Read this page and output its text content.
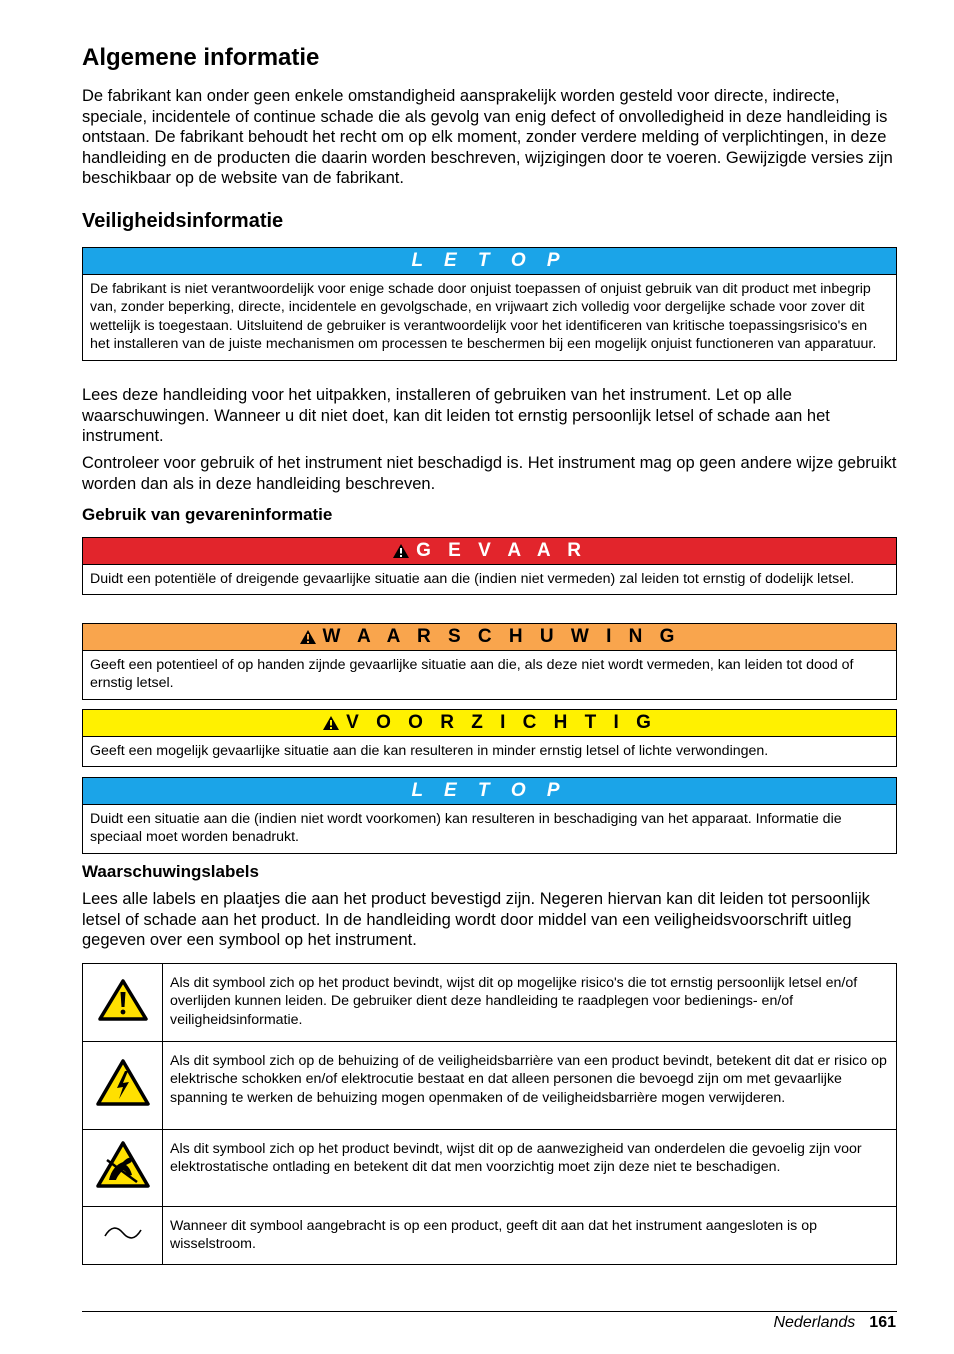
Algemene informatie

De fabrikant kan onder geen enkele omstandigheid aansprakelijk worden gesteld voor directe, indirecte, speciale, incidentele of continue schade die als gevolg van enig defect of onvolledigheid in deze handleiding is ontstaan. De fabrikant behoudt het recht om op elk moment, zonder verdere melding of verplichtingen, in deze handleiding en de producten die daarin worden beschreven, wijzigingen door te voeren. Gewijzigde versies zijn beschikbaar op de website van de fabrikant.

Veiligheidsinformatie
L E T O P
De fabrikant is niet verantwoordelijk voor enige schade door onjuist toepassen of onjuist gebruik van dit product met inbegrip van, zonder beperking, directe, incidentele en gevolgschade, en vrijwaart zich volledig voor dergelijke schade voor zover dit wettelijk is toegestaan. Uitsluitend de gebruiker is verantwoordelijk voor het identificeren van kritische toepassingsrisico's en het installeren van de juiste mechanismen om processen te beschermen bij een mogelijk onjuist functioneren van apparatuur.

Lees deze handleiding voor het uitpakken, installeren of gebruiken van het instrument. Let op alle waarschuwingen. Wanneer u dit niet doet, kan dit leiden tot ernstig persoonlijk letsel of schade aan het instrument.

Controleer voor gebruik of het instrument niet beschadigd is. Het instrument mag op geen andere wijze gebruikt worden dan als in deze handleiding beschreven.

Gebruik van gevareninformatie
G E V A A R
Duidt een potentiële of dreigende gevaarlijke situatie aan die (indien niet vermeden) zal leiden tot ernstig of dodelijk letsel.
W A A R S C H U W I N G
Geeft een potentieel of op handen zijnde gevaarlijke situatie aan die, als deze niet wordt vermeden, kan leiden tot dood of ernstig letsel.
V O O R Z I C H T I G
Geeft een mogelijk gevaarlijke situatie aan die kan resulteren in minder ernstig letsel of lichte verwondingen.
L E T O P
Duidt een situatie aan die (indien niet wordt voorkomen) kan resulteren in beschadiging van het apparaat. Informatie die speciaal moet worden benadrukt.
Waarschuwingslabels

Lees alle labels en plaatjes die aan het product bevestigd zijn. Negeren hiervan kan dit leiden tot persoonlijk letsel of schade aan het product. In de handleiding wordt door middel van een veiligheidsvoorschrift uitleg gegeven over een symbool op het instrument.

	Als dit symbool zich op het product bevindt, wijst dit op mogelijke risico's die tot ernstig persoonlijk letsel en/of overlijden kunnen leiden. De gebruiker dient deze handleiding te raadplegen voor bedienings- en/of veiligheidsinformatie.
	Als dit symbool zich op de behuizing of de veiligheidsbarrière van een product bevindt, betekent dit dat er risico op elektrische schokken en/of elektrocutie bestaat en dat alleen personen die bevoegd zijn om met gevaarlijke spanning te werken de behuizing mogen openmaken of de veiligheidsbarrière mogen verwijderen.
	Als dit symbool zich op het product bevindt, wijst dit op de aanwezigheid van onderdelen die gevoelig zijn voor elektrostatische ontlading en betekent dit dat men voorzichtig moet zijn deze niet te beschadigen.
	Wanneer dit symbool aangebracht is op een product, geeft dit aan dat het instrument aangesloten is op wisselstroom.
Nederlands 161
